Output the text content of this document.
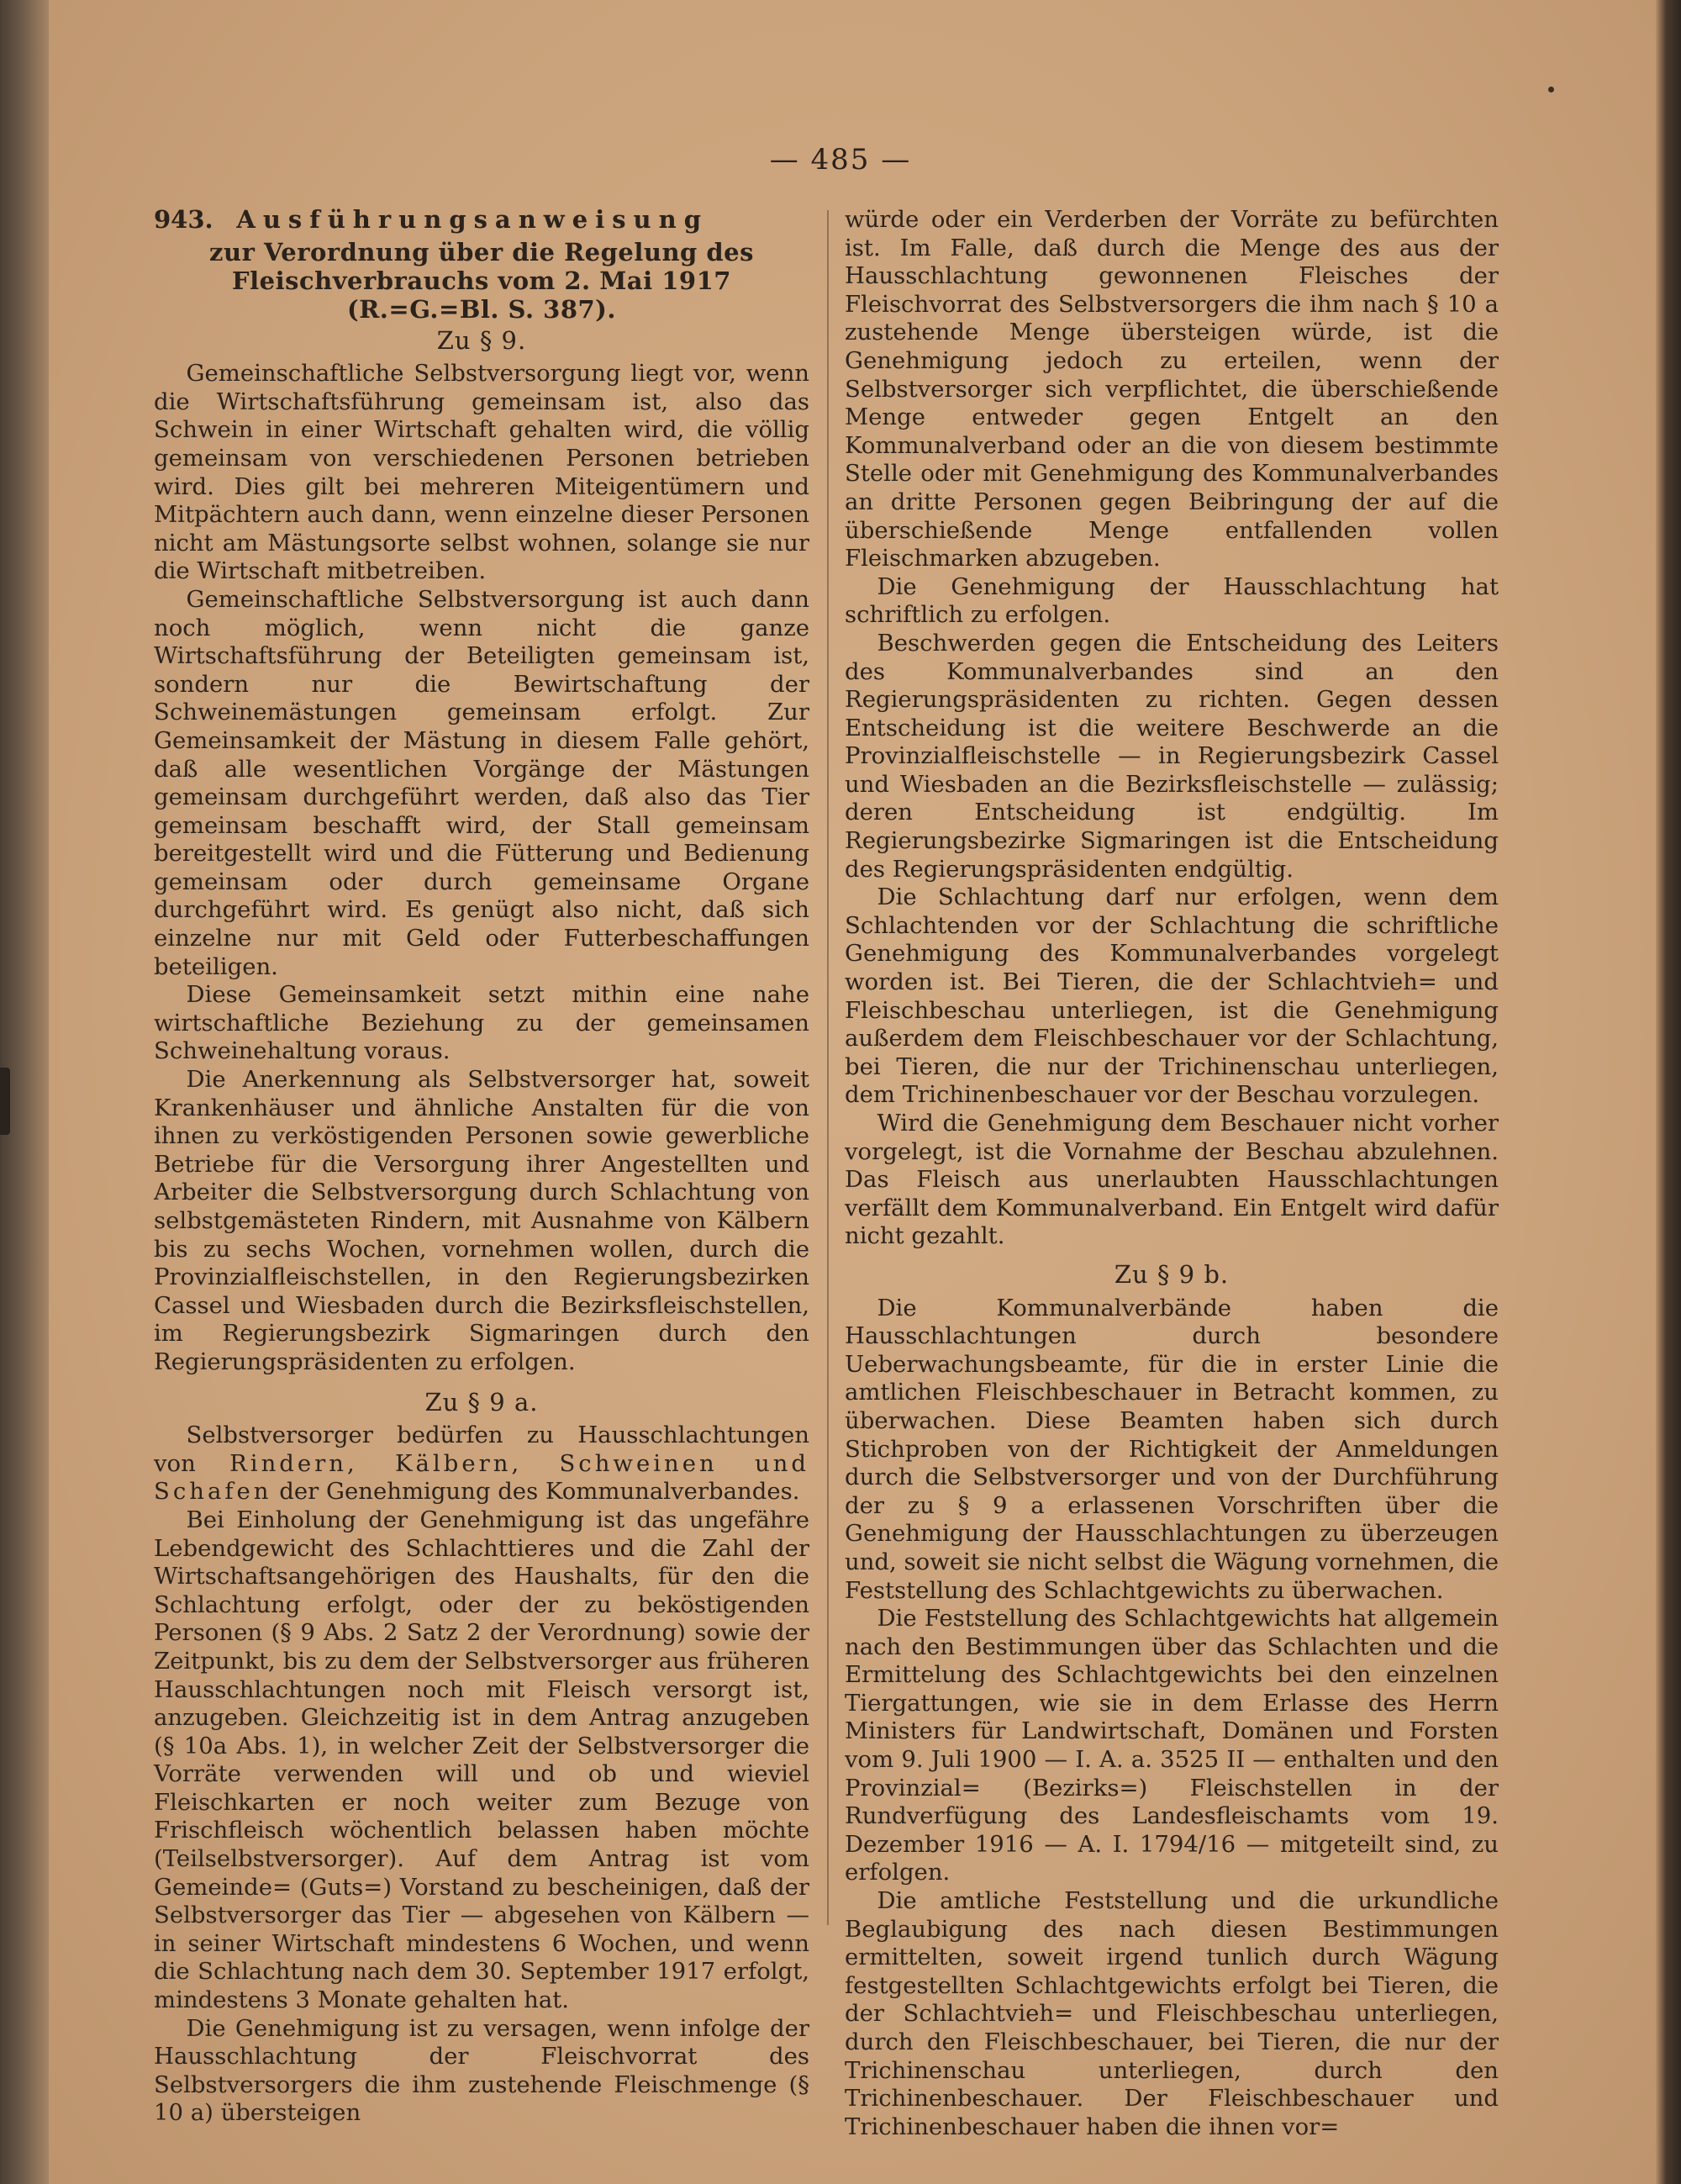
— 485 —
943. Ausführungsanweisung
zur Verordnung über die Regelung des Fleischverbrauchs vom 2. Mai 1917 (R.=G.=Bl. S. 387).
Zu § 9.

Gemeinschaftliche Selbstversorgung liegt vor, wenn die Wirtschaftsführung gemeinsam ist, also das Schwein in einer Wirtschaft gehalten wird, die völlig gemeinsam von verschiedenen Personen betrieben wird. Dies gilt bei mehreren Miteigentümern und Mitpächtern auch dann, wenn einzelne dieser Personen nicht am Mästungsorte selbst wohnen, solange sie nur die Wirtschaft mitbetreiben.

Gemeinschaftliche Selbstversorgung ist auch dann noch möglich, wenn nicht die ganze Wirtschaftsführung der Beteiligten gemeinsam ist, sondern nur die Bewirtschaftung der Schweinemästungen gemeinsam erfolgt. Zur Gemeinsamkeit der Mästung in diesem Falle gehört, daß alle wesentlichen Vorgänge der Mästungen gemeinsam durchgeführt werden, daß also das Tier gemeinsam beschafft wird, der Stall gemeinsam bereitgestellt wird und die Fütterung und Bedienung gemeinsam oder durch gemeinsame Organe durchgeführt wird. Es genügt also nicht, daß sich einzelne nur mit Geld oder Futterbeschaffungen beteiligen.

Diese Gemeinsamkeit setzt mithin eine nahe wirtschaftliche Beziehung zu der gemeinsamen Schweinehaltung voraus.

Die Anerkennung als Selbstversorger hat, soweit Krankenhäuser und ähnliche Anstalten für die von ihnen zu verköstigenden Personen sowie gewerbliche Betriebe für die Versorgung ihrer Angestellten und Arbeiter die Selbstversorgung durch Schlachtung von selbstgemästeten Rindern, mit Ausnahme von Kälbern bis zu sechs Wochen, vornehmen wollen, durch die Provinzialfleischstellen, in den Regierungsbezirken Cassel und Wiesbaden durch die Bezirksfleischstellen, im Regierungsbezirk Sigmaringen durch den Regierungspräsidenten zu erfolgen.

Zu § 9 a.

Selbstversorger bedürfen zu Hausschlachtungen von Rindern, Kälbern, Schweinen und Schafen der Genehmigung des Kommunalverbandes.

Bei Einholung der Genehmigung ist das ungefähre Lebendgewicht des Schlachttieres und die Zahl der Wirtschaftsangehörigen des Haushalts, für den die Schlachtung erfolgt, oder der zu beköstigenden Personen (§ 9 Abs. 2 Satz 2 der Verordnung) sowie der Zeitpunkt, bis zu dem der Selbstversorger aus früheren Hausschlachtungen noch mit Fleisch versorgt ist, anzugeben. Gleichzeitig ist in dem Antrag anzugeben (§ 10a Abs. 1), in welcher Zeit der Selbstversorger die Vorräte verwenden will und ob und wieviel Fleischkarten er noch weiter zum Bezuge von Frischfleisch wöchentlich belassen haben möchte (Teilselbstversorger). Auf dem Antrag ist vom Gemeinde= (Guts=) Vorstand zu bescheinigen, daß der Selbstversorger das Tier — abgesehen von Kälbern — in seiner Wirtschaft mindestens 6 Wochen, und wenn die Schlachtung nach dem 30. September 1917 erfolgt, mindestens 3 Monate gehalten hat.

Die Genehmigung ist zu versagen, wenn infolge der Hausschlachtung der Fleischvorrat des Selbstversorgers die ihm zustehende Fleischmenge (§ 10 a) übersteigen

würde oder ein Verderben der Vorräte zu befürchten ist. Im Falle, daß durch die Menge des aus der Hausschlachtung gewonnenen Fleisches der Fleischvorrat des Selbstversorgers die ihm nach § 10 a zustehende Menge übersteigen würde, ist die Genehmigung jedoch zu erteilen, wenn der Selbstversorger sich verpflichtet, die überschießende Menge entweder gegen Entgelt an den Kommunalverband oder an die von diesem bestimmte Stelle oder mit Genehmigung des Kommunalverbandes an dritte Personen gegen Beibringung der auf die überschießende Menge entfallenden vollen Fleischmarken abzugeben.

Die Genehmigung der Hausschlachtung hat schriftlich zu erfolgen.

Beschwerden gegen die Entscheidung des Leiters des Kommunalverbandes sind an den Regierungspräsidenten zu richten. Gegen dessen Entscheidung ist die weitere Beschwerde an die Provinzialfleischstelle — in Regierungsbezirk Cassel und Wiesbaden an die Bezirksfleischstelle — zulässig; deren Entscheidung ist endgültig. Im Regierungsbezirke Sigmaringen ist die Entscheidung des Regierungspräsidenten endgültig.

Die Schlachtung darf nur erfolgen, wenn dem Schlachtenden vor der Schlachtung die schriftliche Genehmigung des Kommunalverbandes vorgelegt worden ist. Bei Tieren, die der Schlachtvieh= und Fleischbeschau unterliegen, ist die Genehmigung außerdem dem Fleischbeschauer vor der Schlachtung, bei Tieren, die nur der Trichinenschau unterliegen, dem Trichinenbeschauer vor der Beschau vorzulegen.

Wird die Genehmigung dem Beschauer nicht vorher vorgelegt, ist die Vornahme der Beschau abzulehnen. Das Fleisch aus unerlaubten Hausschlachtungen verfällt dem Kommunalverband. Ein Entgelt wird dafür nicht gezahlt.

Zu § 9 b.

Die Kommunalverbände haben die Hausschlachtungen durch besondere Ueberwachungsbeamte, für die in erster Linie die amtlichen Fleischbeschauer in Betracht kommen, zu überwachen. Diese Beamten haben sich durch Stichproben von der Richtigkeit der Anmeldungen durch die Selbstversorger und von der Durchführung der zu § 9 a erlassenen Vorschriften über die Genehmigung der Hausschlachtungen zu überzeugen und, soweit sie nicht selbst die Wägung vornehmen, die Feststellung des Schlachtgewichts zu überwachen.

Die Feststellung des Schlachtgewichts hat allgemein nach den Bestimmungen über das Schlachten und die Ermittelung des Schlachtgewichts bei den einzelnen Tiergattungen, wie sie in dem Erlasse des Herrn Ministers für Landwirtschaft, Domänen und Forsten vom 9. Juli 1900 — I. A. a. 3525 II — enthalten und den Provinzial= (Bezirks=) Fleischstellen in der Rundverfügung des Landesfleischamts vom 19. Dezember 1916 — A. I. 1794/16 — mitgeteilt sind, zu erfolgen.

Die amtliche Feststellung und die urkundliche Beglaubigung des nach diesen Bestimmungen ermittelten, soweit irgend tunlich durch Wägung festgestellten Schlachtgewichts erfolgt bei Tieren, die der Schlachtvieh= und Fleischbeschau unterliegen, durch den Fleischbeschauer, bei Tieren, die nur der Trichinenschau unterliegen, durch den Trichinenbeschauer. Der Fleischbeschauer und Trichinenbeschauer haben die ihnen vor=
